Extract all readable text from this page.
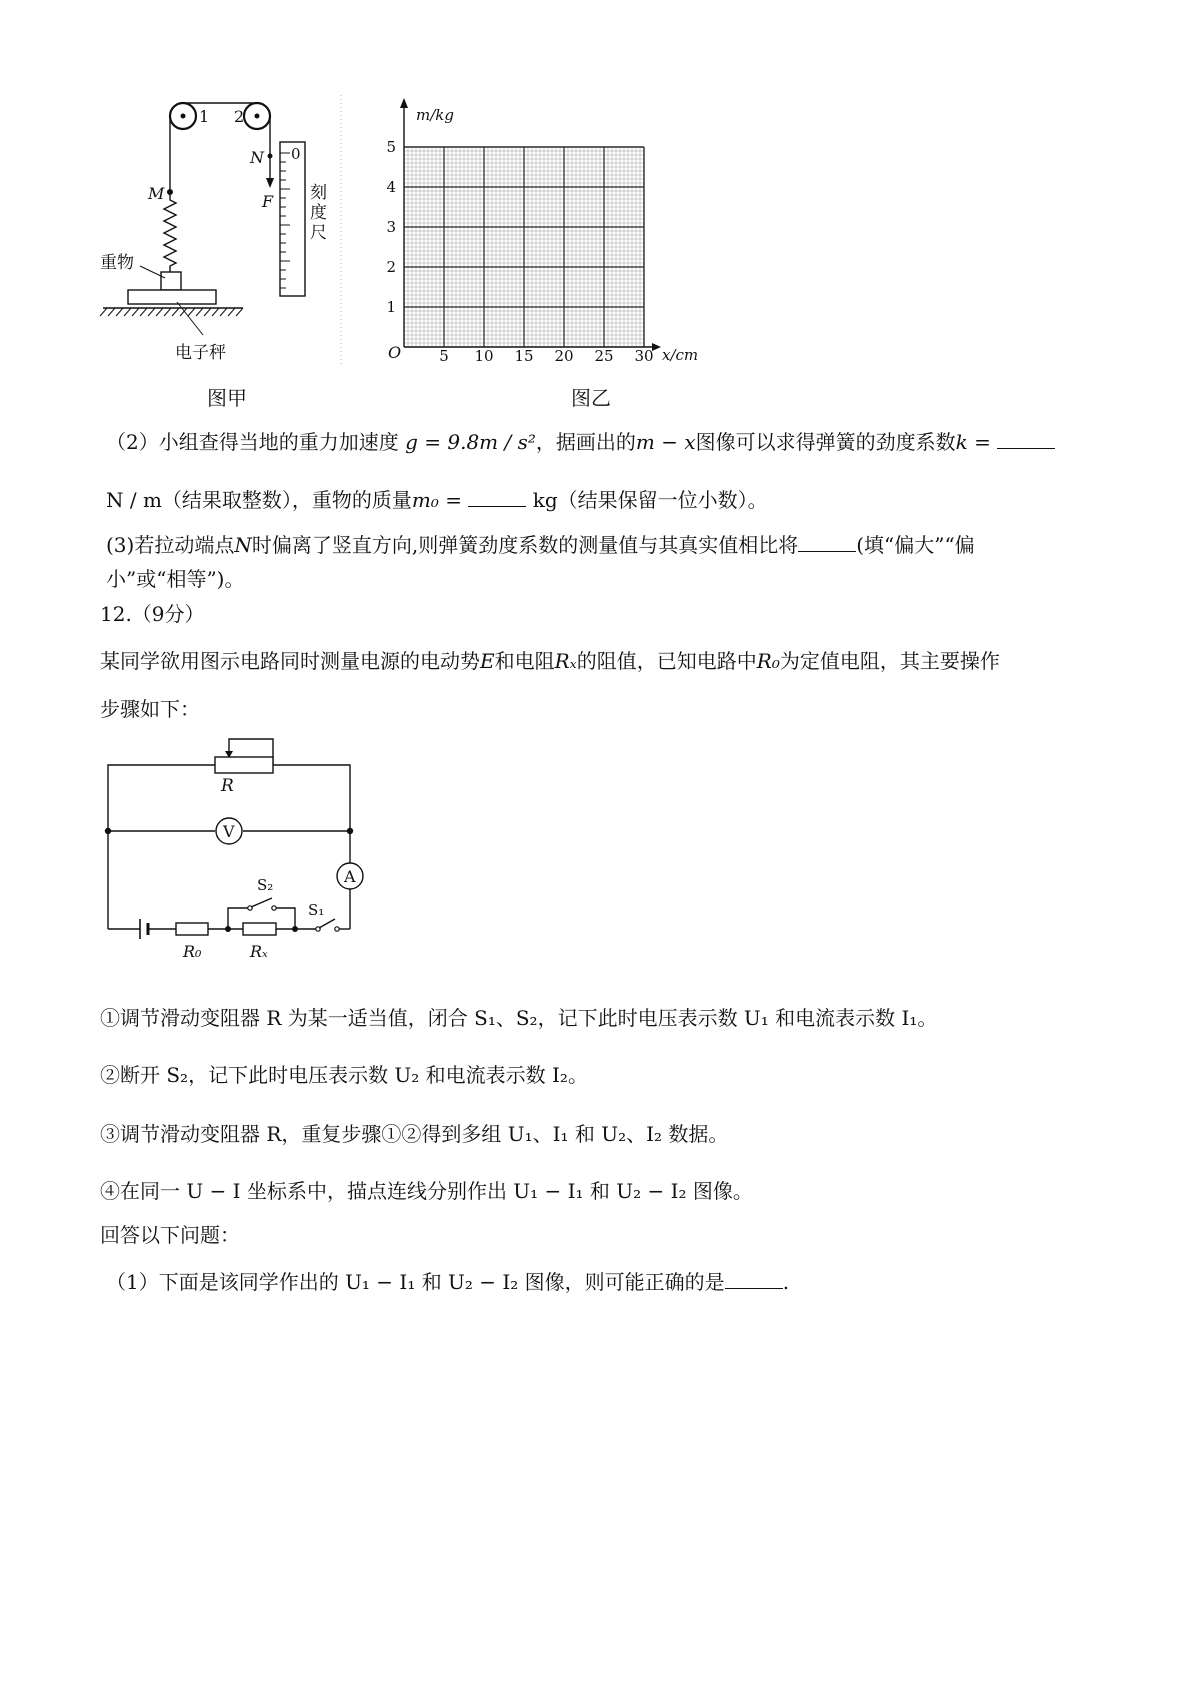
1 2
M
重物
电子秤
N
F
0
刻 度 尺
图甲
m/kg
x/cm
O	5 10 15 20 25 30
1
2
3
4
5
图乙
（2）小组查得当地的重力加速度 g = 9.8m / s²，据画出的m − x图像可以求得弹簧的劲度系数k =
N / m（结果取整数），重物的质量m₀ =	kg（结果保留一位小数）。
(3)若拉动端点N时偏离了竖直方向,则弹簧劲度系数的测量值与其真实值相比将	(填“偏大”“偏
小”或“相等”)。
12.（9分）
某同学欲用图示电路同时测量电源的电动势E和电阻Rₓ的阻值，已知电路中R₀为定值电阻，其主要操作
步骤如下：
R
V
A
R₀	Rₓ
S₂
S₁
①调节滑动变阻器 R 为某一适当值，闭合 S₁、S₂，记下此时电压表示数 U₁ 和电流表示数 I₁。
②断开 S₂，记下此时电压表示数 U₂ 和电流表示数 I₂。
③调节滑动变阻器 R，重复步骤①②得到多组 U₁、I₁ 和 U₂、I₂ 数据。
④在同一 U − I 坐标系中，描点连线分别作出 U₁ − I₁ 和 U₂ − I₂ 图像。
回答以下问题：
（1）下面是该同学作出的 U₁ − I₁ 和 U₂ − I₂ 图像，则可能正确的是	.
